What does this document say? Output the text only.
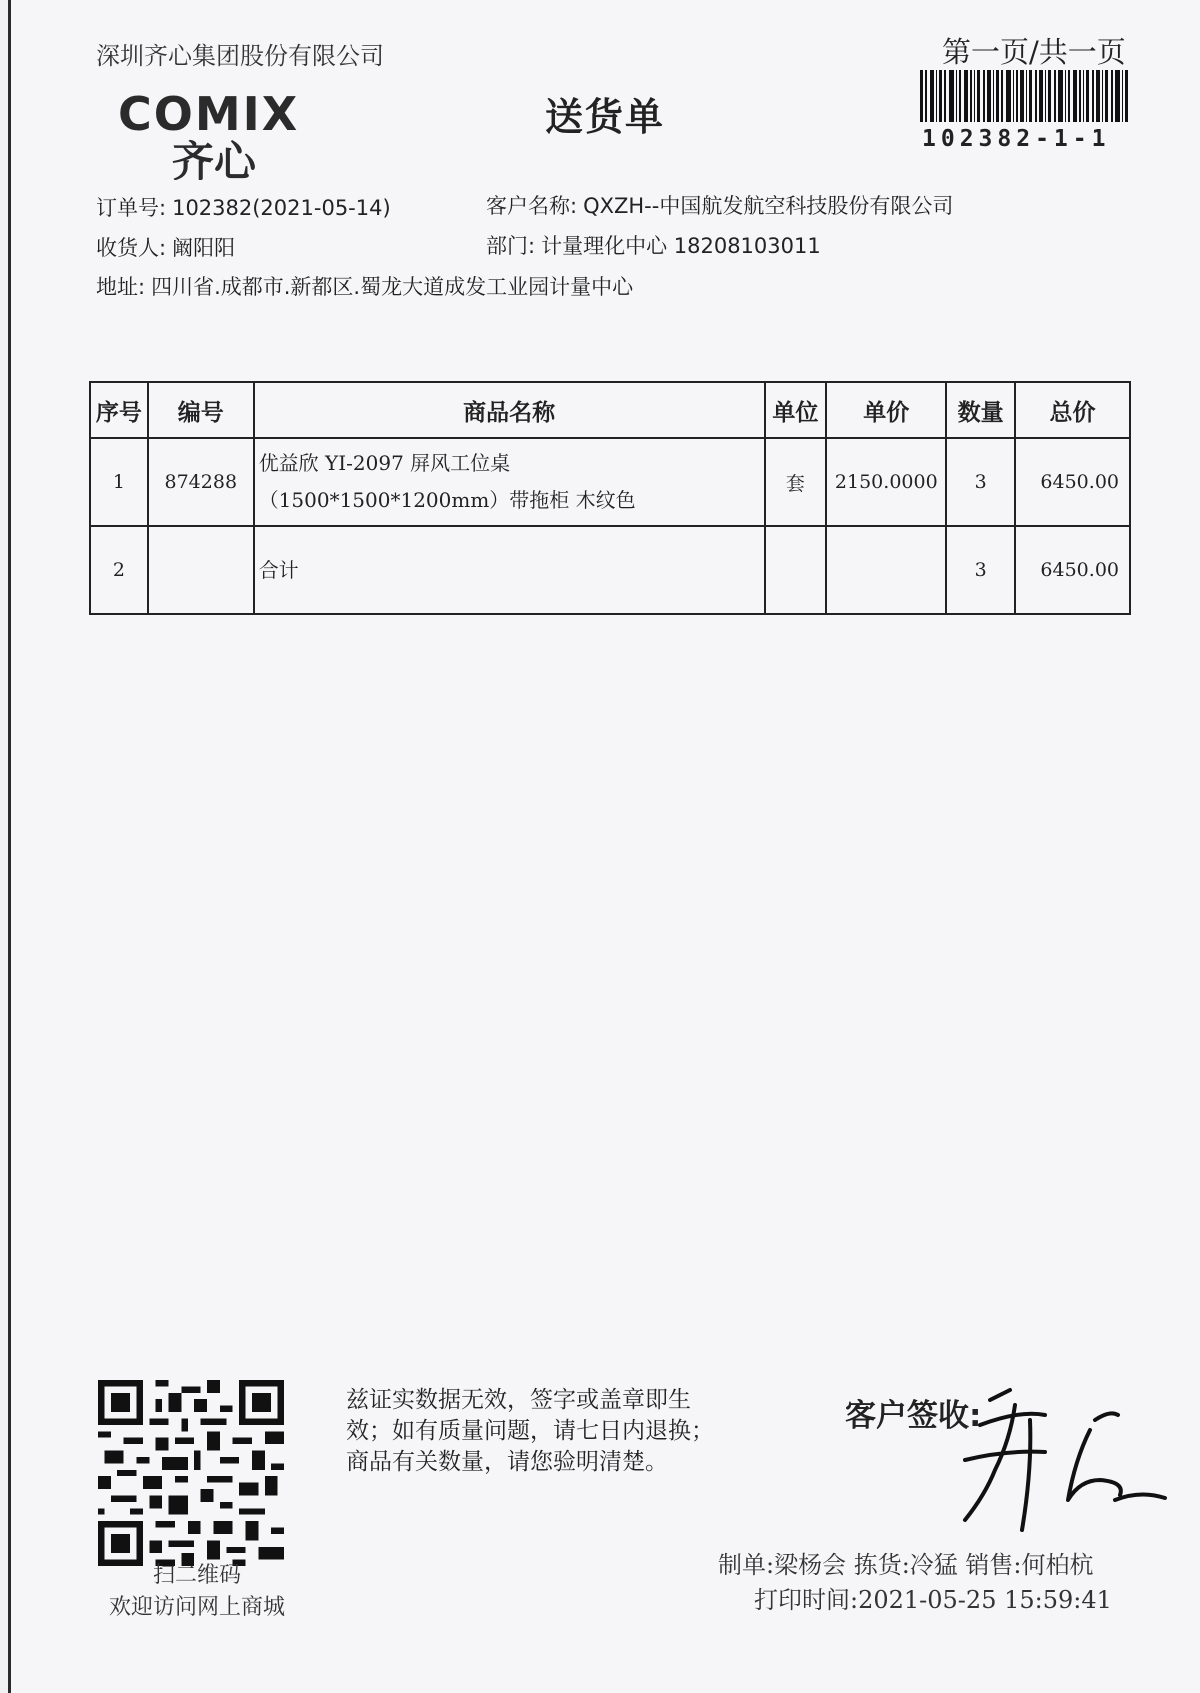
深圳齐心集团股份有限公司	第一页/共一页
102382-1-1
COMIX
齐心
送货单
订单号: 102382(2021-05-14)	客户名称: QXZH--中国航发航空科技股份有限公司
收货人: 阚阳阳	部门: 计量理化中心 18208103011
地址: 四川省.成都市.新都区.蜀龙大道成发工业园计量中心
序号	编号	商品名称	单位	单价	数量	总价
1	874288	优益欣 YI-2097 屏风工位桌
（1500*1500*1200mm）带拖柜 木纹色	套	2150.0000	3	6450.00
2		合计			3	6450.00
扫二维码
欢迎访问网上商城
兹证实数据无效，签字或盖章即生
效；如有质量问题，请七日内退换；
商品有关数量，请您验明清楚。
客户签收:
制单:梁杨会 拣货:冷猛 销售:何柏杭
打印时间:2021-05-25 15:59:41
